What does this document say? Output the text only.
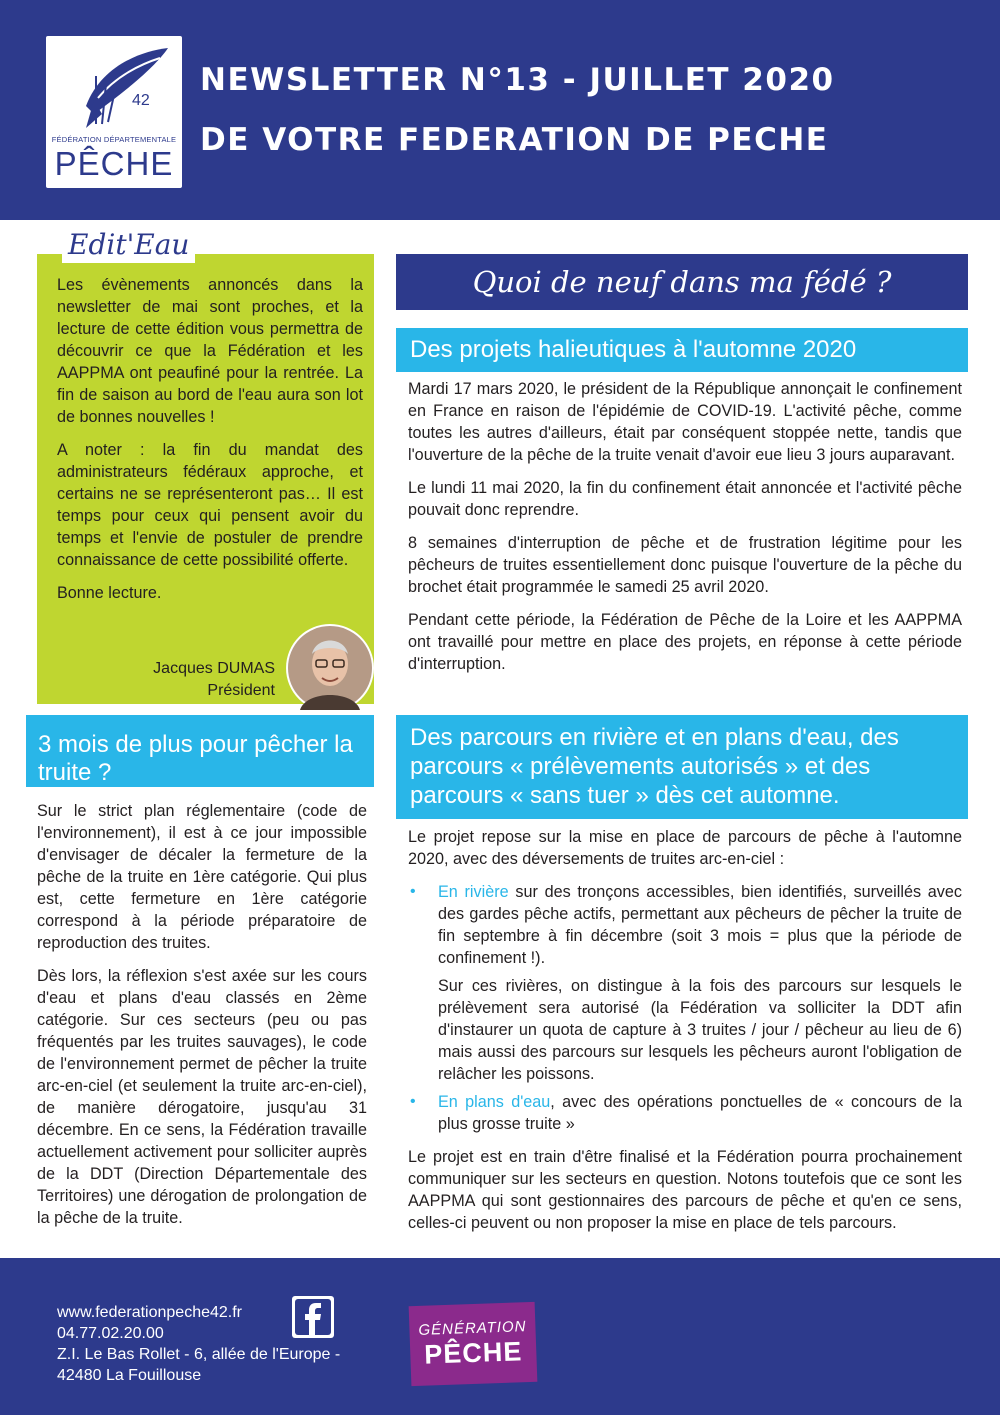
42
FÉDÉRATION DÉPARTEMENTALE
PÊCHE
NEWSLETTER N°13 - JUILLET 2020
DE VOTRE FEDERATION DE PECHE
Edit'Eau

Les évènements annoncés dans la newsletter de mai sont proches, et la lecture de cette édition vous permettra de découvrir ce que la Fédération et les AAPPMA ont peaufiné pour la rentrée. La fin de saison au bord de l'eau aura son lot de bonnes nouvelles !

A noter : la fin du mandat des administrateurs fédéraux approche, et certains ne se représenteront pas… Il est temps pour ceux qui pensent avoir du temps et l'envie de postuler de prendre connaissance de cette possibilité offerte.

Bonne lecture.

Jacques DUMAS
Président
3 mois de plus pour pêcher la truite ?

Sur le strict plan réglementaire (code de l'environnement), il est à ce jour impossible d'envisager de décaler la fermeture de la pêche de la truite en 1ère catégorie. Qui plus est, cette fermeture en 1ère catégorie correspond à la période préparatoire de reproduction des truites.

Dès lors, la réflexion s'est axée sur les cours d'eau et plans d'eau classés en 2ème catégorie. Sur ces secteurs (peu ou pas fréquentés par les truites sauvages), le code de l'environnement permet de pêcher la truite arc-en-ciel (et seulement la truite arc-en-ciel), de manière dérogatoire, jusqu'au 31 décembre. En ce sens, la Fédération travaille actuellement activement pour solliciter auprès de la DDT (Direction Départementale des Territoires) une dérogation de prolongation de la pêche de la truite.

Quoi de neuf dans ma fédé ?
Des projets halieutiques à l'automne 2020

Mardi 17 mars 2020, le président de la République annonçait le confinement en France en raison de l'épidémie de COVID-19. L'activité pêche, comme toutes les autres d'ailleurs, était par conséquent stoppée nette, tandis que l'ouverture de la pêche de la truite venait d'avoir eue lieu 3 jours auparavant.

Le lundi 11 mai 2020, la fin du confinement était annoncée et l'activité pêche pouvait donc reprendre.

8 semaines d'interruption de pêche et de frustration légitime pour les pêcheurs de truites essentiellement donc puisque l'ouverture de la pêche du brochet était programmée le samedi 25 avril 2020.

Pendant cette période, la Fédération de Pêche de la Loire et les AAPPMA ont travaillé pour mettre en place des projets, en réponse à cette période d'interruption.

Des parcours en rivière et en plans d'eau, des parcours « prélèvements autorisés » et des parcours « sans tuer » dès cet automne.

Le projet repose sur la mise en place de parcours de pêche à l'automne 2020, avec des déversements de truites arc-en-ciel :

• En rivière sur des tronçons accessibles, bien identifiés, surveillés avec des gardes pêche actifs, permettant aux pêcheurs de pêcher la truite de fin septembre à fin décembre (soit 3 mois = plus que la période de confinement !).
Sur ces rivières, on distingue à la fois des parcours sur lesquels le prélèvement sera autorisé (la Fédération va solliciter la DDT afin d'instaurer un quota de capture à 3 truites / jour / pêcheur au lieu de 6) mais aussi des parcours sur lesquels les pêcheurs auront l'obligation de relâcher les poissons.
• En plans d'eau, avec des opérations ponctuelles de « concours de la plus grosse truite »

Le projet est en train d'être finalisé et la Fédération pourra prochainement communiquer sur les secteurs en question. Notons toutefois que ce sont les AAPPMA qui sont gestionnaires des parcours de pêche et qu'en ce sens, celles-ci peuvent ou non proposer la mise en place de tels parcours.

www.federationpeche42.fr
04.77.02.20.00
Z.I. Le Bas Rollet - 6, allée de l'Europe -
42480 La Fouillouse
GÉNÉRATION
PÊCHE
